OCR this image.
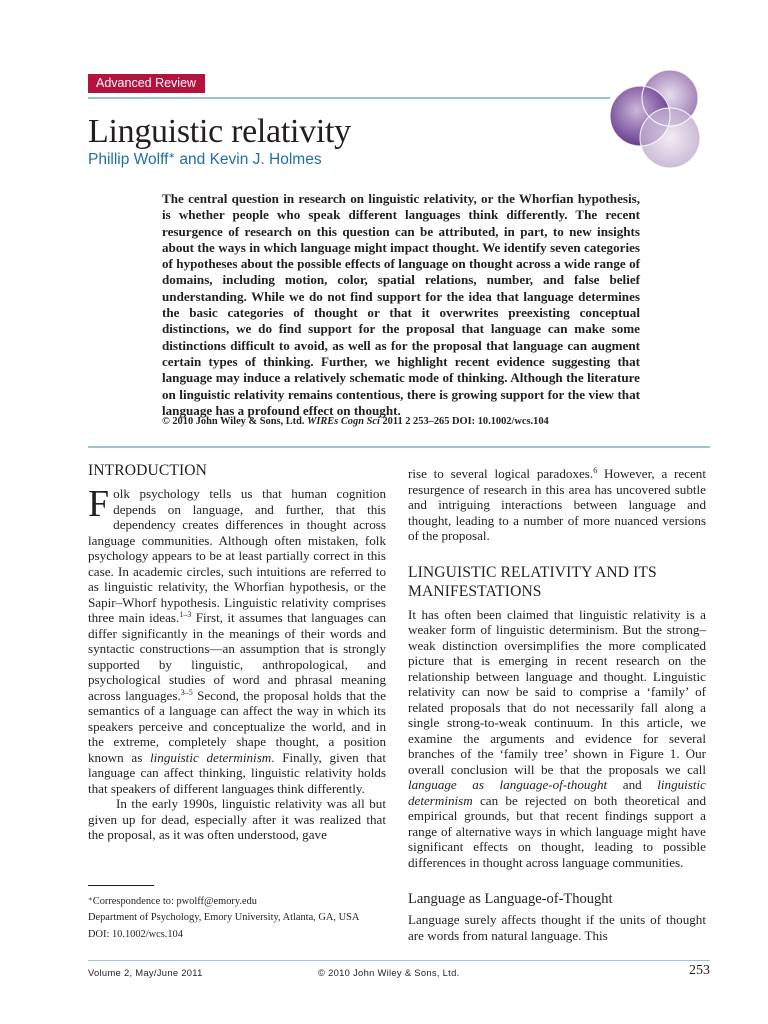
Advanced Review
Linguistic relativity
Phillip Wolff∗ and Kevin J. Holmes

The central question in research on linguistic relativity, or the Whorfian hypothesis, is whether people who speak different languages think differently. The recent resurgence of research on this question can be attributed, in part, to new insights about the ways in which language might impact thought. We identify seven categories of hypotheses about the possible effects of language on thought across a wide range of domains, including motion, color, spatial relations, number, and false belief understanding. While we do not find support for the idea that language determines the basic categories of thought or that it overwrites preexisting conceptual distinctions, we do find support for the proposal that language can make some distinctions difficult to avoid, as well as for the proposal that language can augment certain types of thinking. Further, we highlight recent evidence suggesting that language may induce a relatively schematic mode of thinking. Although the literature on linguistic relativity remains contentious, there is growing support for the view that language has a profound effect on thought.

© 2010 John Wiley & Sons, Ltd. WIREs Cogn Sci 2011 2 253–265 DOI: 10.1002/wcs.104
INTRODUCTION

Folk psychology tells us that human cognition depends on language, and further, that this dependency creates differences in thought across language communities. Although often mistaken, folk psychology appears to be at least partially correct in this case. In academic circles, such intuitions are referred to as linguistic relativity, the Whorfian hypothesis, or the Sapir–Whorf hypothesis. Linguistic relativity comprises three main ideas.$^{1-3}$ First, it assumes that languages can differ significantly in the meanings of their words and syntactic constructions—an assumption that is strongly supported by linguistic, anthropological, and psychological studies of word and phrasal meaning across languages.$^{3-5}$ Second, the proposal holds that the semantics of a language can affect the way in which its speakers perceive and conceptualize the world, and in the extreme, completely shape thought, a position known as linguistic determinism. Finally, given that language can affect thinking, linguistic relativity holds that speakers of different languages think differently.

In the early 1990s, linguistic relativity was all but given up for dead, especially after it was realized that the proposal, as it was often understood, gave

rise to several logical paradoxes.$^6$ However, a recent resurgence of research in this area has uncovered subtle and intriguing interactions between language and thought, leading to a number of more nuanced versions of the proposal.

LINGUISTIC RELATIVITY AND ITS MANIFESTATIONS

It has often been claimed that linguistic relativity is a weaker form of linguistic determinism. But the strong–weak distinction oversimplifies the more complicated picture that is emerging in recent research on the relationship between language and thought. Linguistic relativity can now be said to comprise a ‘family’ of related proposals that do not necessarily fall along a single strong-to-weak continuum. In this article, we examine the arguments and evidence for several branches of the ‘family tree’ shown in Figure 1. Our overall conclusion will be that the proposals we call language as language-of-thought and linguistic determinism can be rejected on both theoretical and empirical grounds, but that recent findings support a range of alternative ways in which language might have significant effects on thought, leading to possible differences in thought across language communities.

Language as Language-of-Thought

Language surely affects thought if the units of thought are words from natural language. This

∗Correspondence to: pwolff@emory.edu
Department of Psychology, Emory University, Atlanta, GA, USA
DOI: 10.1002/wcs.104
Volume 2, May/June 2011	© 2010 John Wiley & Sons, Ltd.	253
